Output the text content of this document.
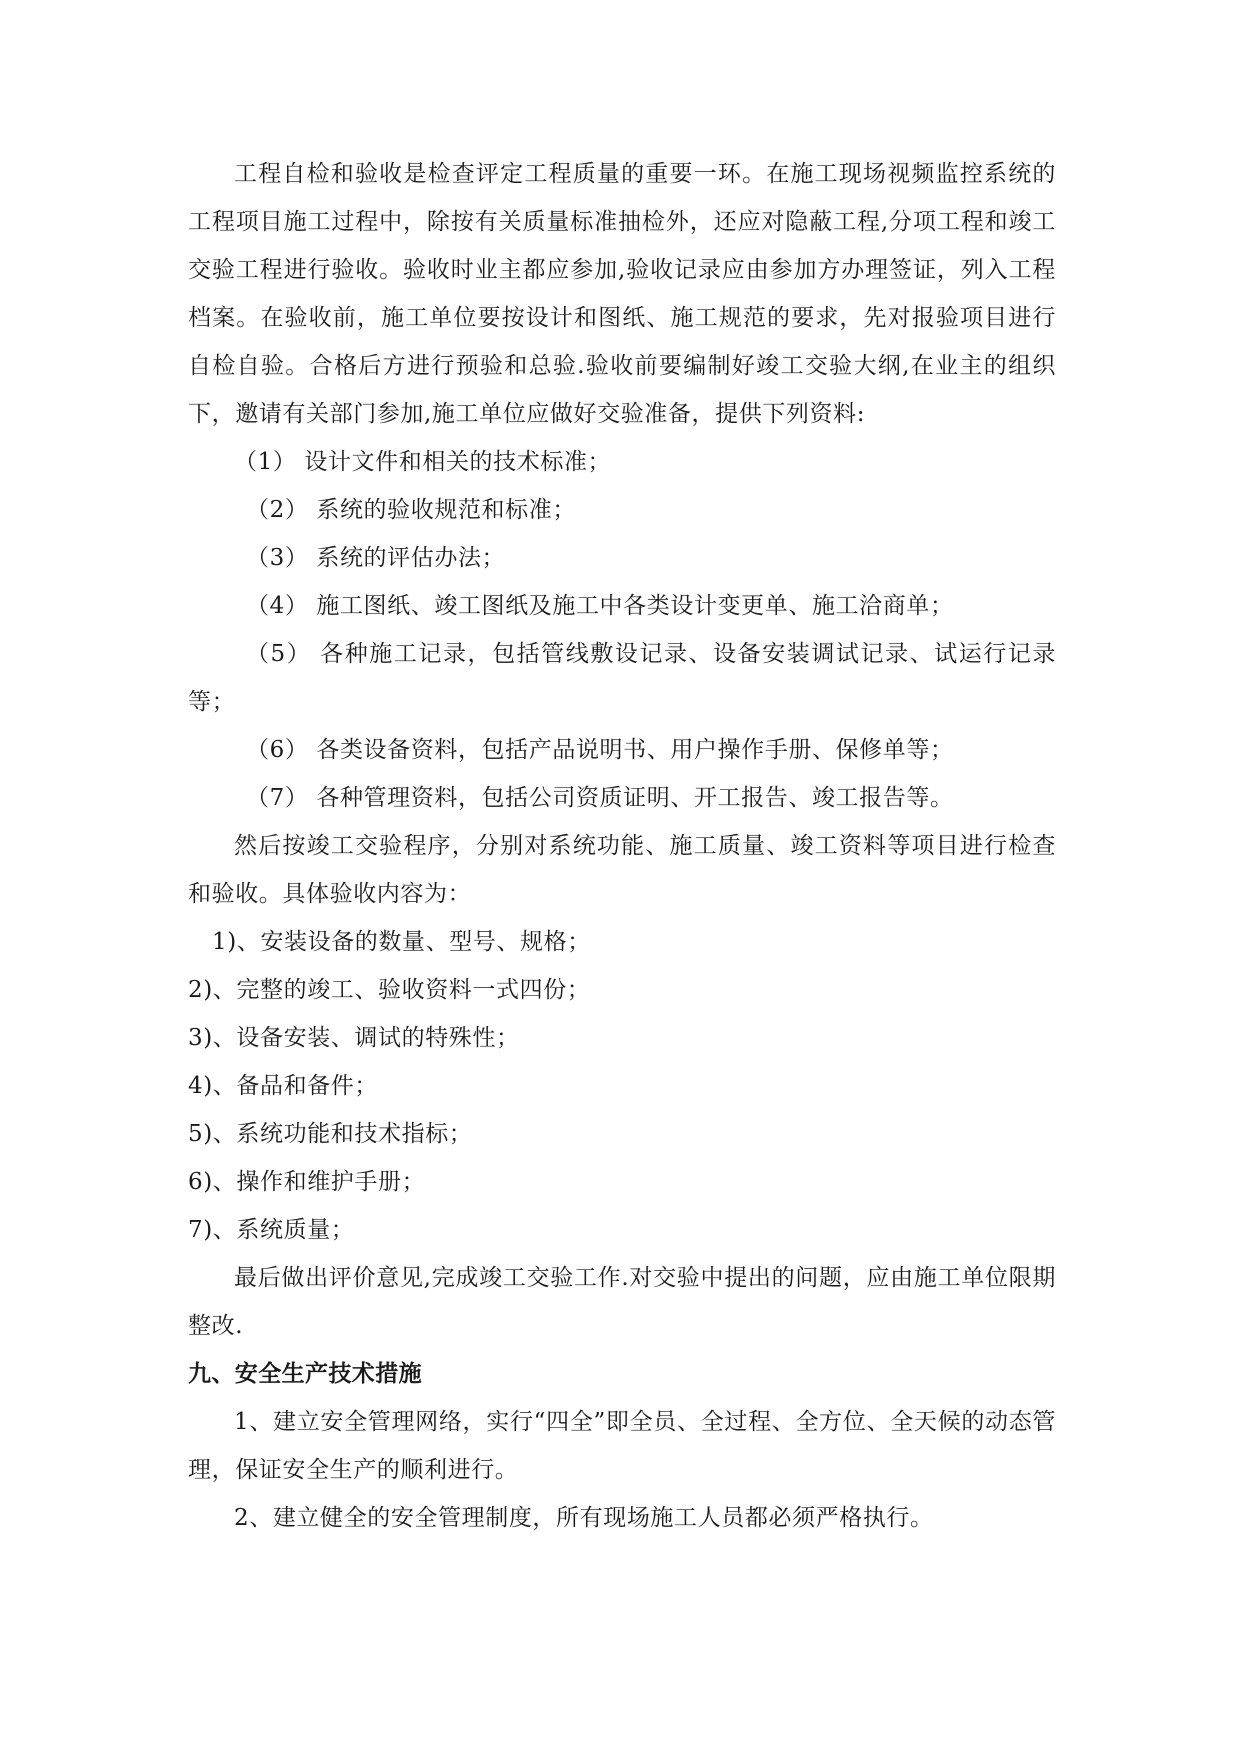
工程自检和验收是检查评定工程质量的重要一环。在施工现场视频监控系统的工程项目施工过程中，除按有关质量标准抽检外，还应对隐蔽工程,分项工程和竣工交验工程进行验收。验收时业主都应参加,验收记录应由参加方办理签证，列入工程档案。在验收前，施工单位要按设计和图纸、施工规范的要求，先对报验项目进行自检自验。合格后方进行预验和总验.验收前要编制好竣工交验大纲,在业主的组织下，邀请有关部门参加,施工单位应做好交验准备，提供下列资料:

（1） 设计文件和相关的技术标准；

（2） 系统的验收规范和标准；

（3） 系统的评估办法；

（4） 施工图纸、竣工图纸及施工中各类设计变更单、施工洽商单；

（5） 各种施工记录，包括管线敷设记录、设备安装调试记录、试运行记录等；

（6） 各类设备资料，包括产品说明书、用户操作手册、保修单等；

（7） 各种管理资料，包括公司资质证明、开工报告、竣工报告等。

然后按竣工交验程序，分别对系统功能、施工质量、竣工资料等项目进行检查和验收。具体验收内容为：

1)、安装设备的数量、型号、规格；

2)、完整的竣工、验收资料一式四份；

3)、设备安装、调试的特殊性；

4)、备品和备件；

5)、系统功能和技术指标；

6)、操作和维护手册；

7)、系统质量；

最后做出评价意见,完成竣工交验工作.对交验中提出的问题，应由施工单位限期整改.

九、安全生产技术措施

1、建立安全管理网络，实行“四全”即全员、全过程、全方位、全天候的动态管理，保证安全生产的顺利进行。

2、建立健全的安全管理制度，所有现场施工人员都必须严格执行。
